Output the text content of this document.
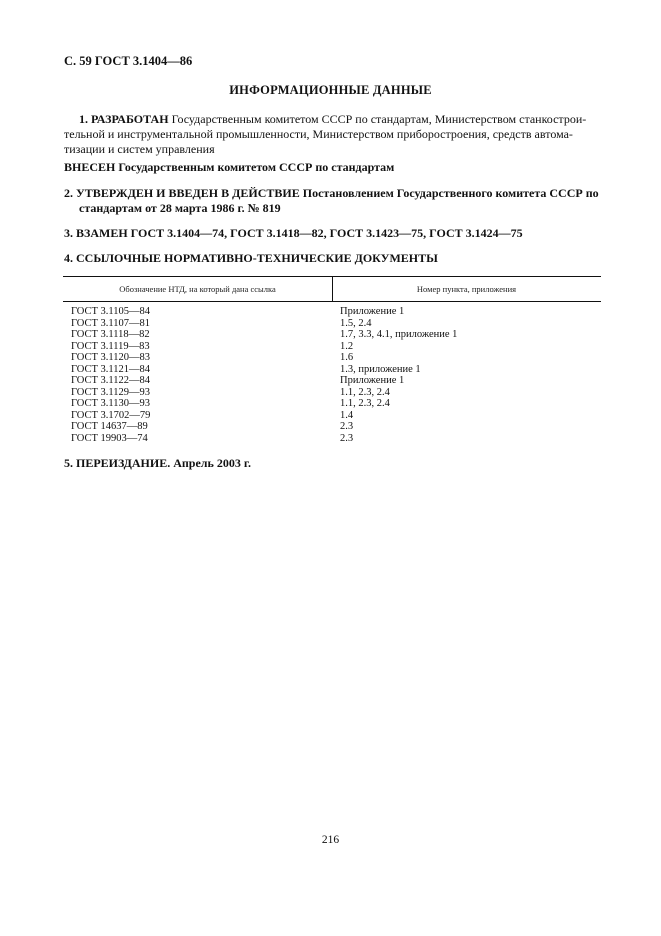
С. 59 ГОСТ 3.1404—86
ИНФОРМАЦИОННЫЕ ДАННЫЕ
1. РАЗРАБОТАН Государственным комитетом СССР по стандартам, Министерством станкострои-
тельной и инструментальной промышленности, Министерством приборостроения, средств автома-
тизации и систем управления
ВНЕСЕН Государственным комитетом СССР по стандартам
2. УТВЕРЖДЕН И ВВЕДЕН В ДЕЙСТВИЕ Постановлением Государственного комитета СССР по
стандартам от 28 марта 1986 г. № 819
3. ВЗАМЕН ГОСТ 3.1404—74, ГОСТ 3.1418—82, ГОСТ 3.1423—75, ГОСТ 3.1424—75
4. ССЫЛОЧНЫЕ НОРМАТИВНО-ТЕХНИЧЕСКИЕ ДОКУМЕНТЫ
Обозначение НТД, на который дана ссылка	Номер пункта, приложения
ГОСТ 3.1105—84	Приложение 1
ГОСТ 3.1107—81	1.5, 2.4
ГОСТ 3.1118—82	1.7, 3.3, 4.1, приложение 1
ГОСТ 3.1119—83	1.2
ГОСТ 3.1120—83	1.6
ГОСТ 3.1121—84	1.3, приложение 1
ГОСТ 3.1122—84	Приложение 1
ГОСТ 3.1129—93	1.1, 2.3, 2.4
ГОСТ 3.1130—93	1.1, 2.3, 2.4
ГОСТ 3.1702—79	1.4
ГОСТ 14637—89	2.3
ГОСТ 19903—74	2.3
5. ПЕРЕИЗДАНИЕ. Апрель 2003 г.
216
